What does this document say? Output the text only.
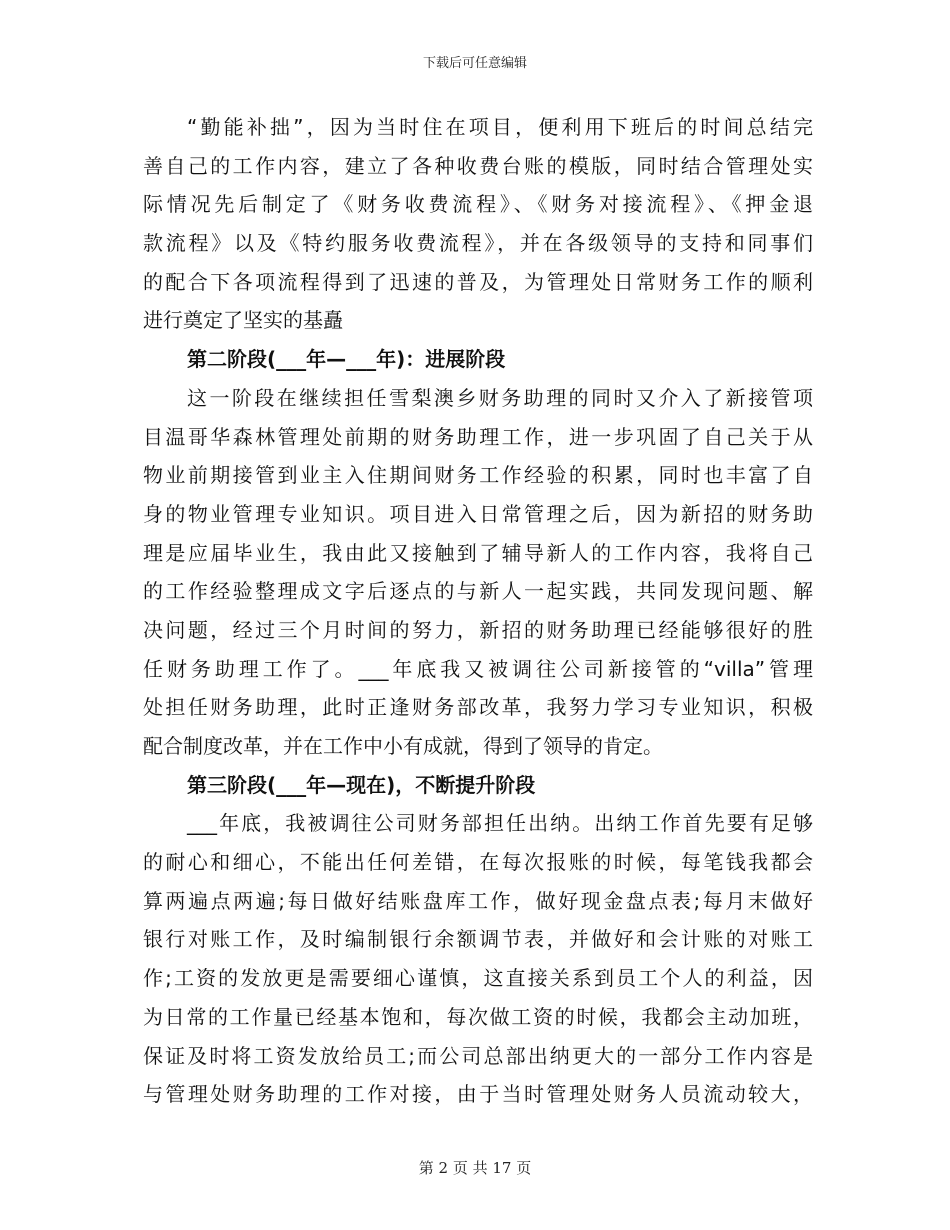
下载后可任意编辑
“勤能补拙”，因为当时住在项目，便利用下班后的时间总结完
善自己的工作内容，建立了各种收费台账的模版，同时结合管理处实
际情况先后制定了《财务收费流程》、《财务对接流程》、《押金退
款流程》以及《特约服务收费流程》，并在各级领导的支持和同事们
的配合下各项流程得到了迅速的普及，为管理处日常财务工作的顺利
进行奠定了坚实的基矗
第二阶段(___年—___年)：进展阶段
这一阶段在继续担任雪梨澳乡财务助理的同时又介入了新接管项
目温哥华森林管理处前期的财务助理工作，进一步巩固了自己关于从
物业前期接管到业主入住期间财务工作经验的积累，同时也丰富了自
身的物业管理专业知识。项目进入日常管理之后，因为新招的财务助
理是应届毕业生，我由此又接触到了辅导新人的工作内容，我将自己
的工作经验整理成文字后逐点的与新人一起实践，共同发现问题、解
决问题，经过三个月时间的努力，新招的财务助理已经能够很好的胜
任财务助理工作了。___年底我又被调往公司新接管的“villa”管理
处担任财务助理，此时正逢财务部改革，我努力学习专业知识，积极
配合制度改革，并在工作中小有成就，得到了领导的肯定。
第三阶段(___年—现在)，不断提升阶段
___年底，我被调往公司财务部担任出纳。出纳工作首先要有足够
的耐心和细心，不能出任何差错，在每次报账的时候，每笔钱我都会
算两遍点两遍;每日做好结账盘库工作，做好现金盘点表;每月末做好
银行对账工作，及时编制银行余额调节表，并做好和会计账的对账工
作;工资的发放更是需要细心谨慎，这直接关系到员工个人的利益，因
为日常的工作量已经基本饱和，每次做工资的时候，我都会主动加班，
保证及时将工资发放给员工;而公司总部出纳更大的一部分工作内容是
与管理处财务助理的工作对接，由于当时管理处财务人员流动较大，
第 2 页 共 17 页
